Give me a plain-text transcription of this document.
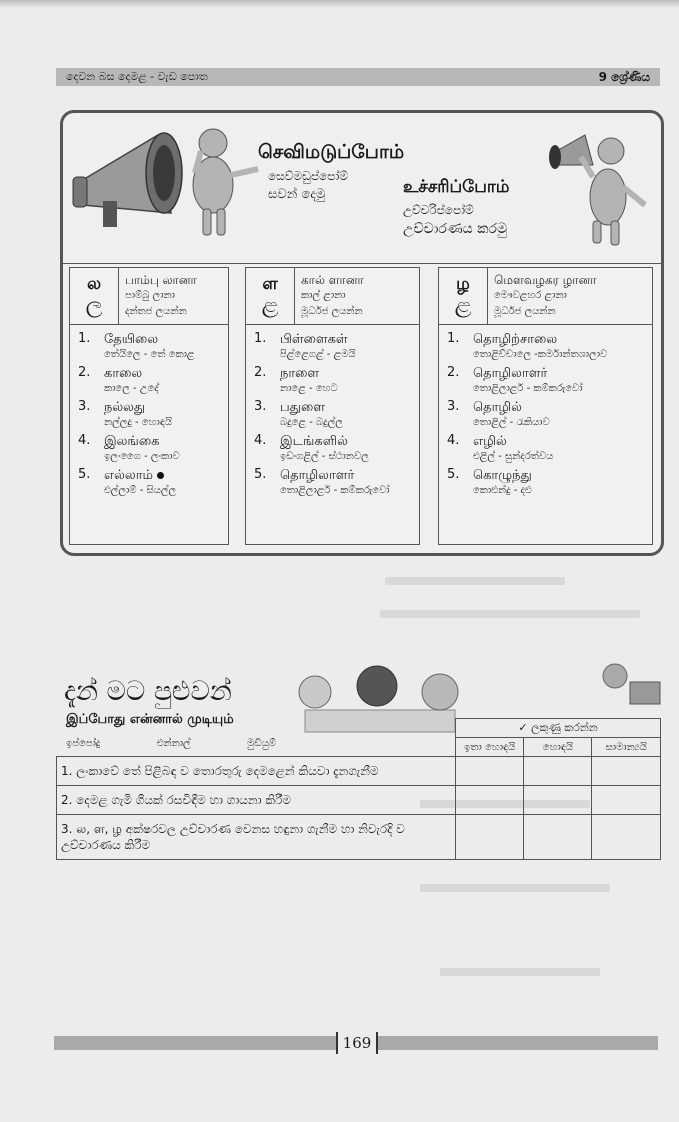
දෙවන බස දෙමළ - වැඩ පොත	9 ශ්‍රේණිය
செவிமடுப்போம்
සෙව්මඩුප්පෝම්
සවන් දෙමු	உச்சரிப்போம்
උච්චරිප්පෝම්
උච්චාරණය කරමු
ல
ල
பாம்பு லானா
පාම්බු ලානා
දන්තජ ලයන්න
1.	தேயிலை
තේයිලෙ - තේ කොළ
2.	காலை
කාලෙ - උදේ
3.	நல்லது
නල්ලදු - හොඳයි
4.	இலங்கை
ඉලංගෛ - ලංකාව
5.	எல்லாம்
එල්ලාම් - සියල්ල
ள
ළ
கால் ளானா
කාල් ළානා
මූර්ධජ ලයන්න
1.	பிள்ளைகள்
පිළ්ළෙගළ් - ළමයි
2.	நாளை
නාළෙ - හෙට
3.	பதுளை
බදුළෙ - බදුල්ල
4.	இடங்களில்
ඉඩංගළිල් - ස්ථානවල
5.	தொழிலாளர்
තොළිලාළර් - කම්කරුවෝ
ழ
ළ
மௌவழகர ழானா
මෞවළහර ළානා
මූර්ධජ ලයන්න
1.	தொழிற்சாலை
තොළිච්චාලෙ -කර්මාන්තශාලාව
2.	தொழிலாளர்
තොළිලාළර් - කම්කරුවෝ
3.	தொழில்
තොළිල් - රැකියාව
4.	எழில்
එළිල් - සුන්දරත්වය
5.	கொழுந்து
කොළුන්දු - දළු
දැන් මට පුළුවන්
இப்போது என்னால் முடியும்
ඉප්පෝදු	එන්නාල්	මුඩියුම්
	✓ ලකුණු කරන්න		
	ඉතා හොඳයි	හොඳයි	සාමාන්‍යයි
1. ලංකාවේ තේ පිළිබඳ ව තොරතුරු දෙමළෙන් කියවා දැනගැනීම			
2. දෙමළ ගැමි ගීයක් රසවිඳීම හා ගායනා කිරීම			
3. ல, ள, ழ අක්ෂරවල උච්චාරණ වෙනස හඳුනා ගැනීම හා නිවැරදි ව උච්චාරණය කිරීම			
169
